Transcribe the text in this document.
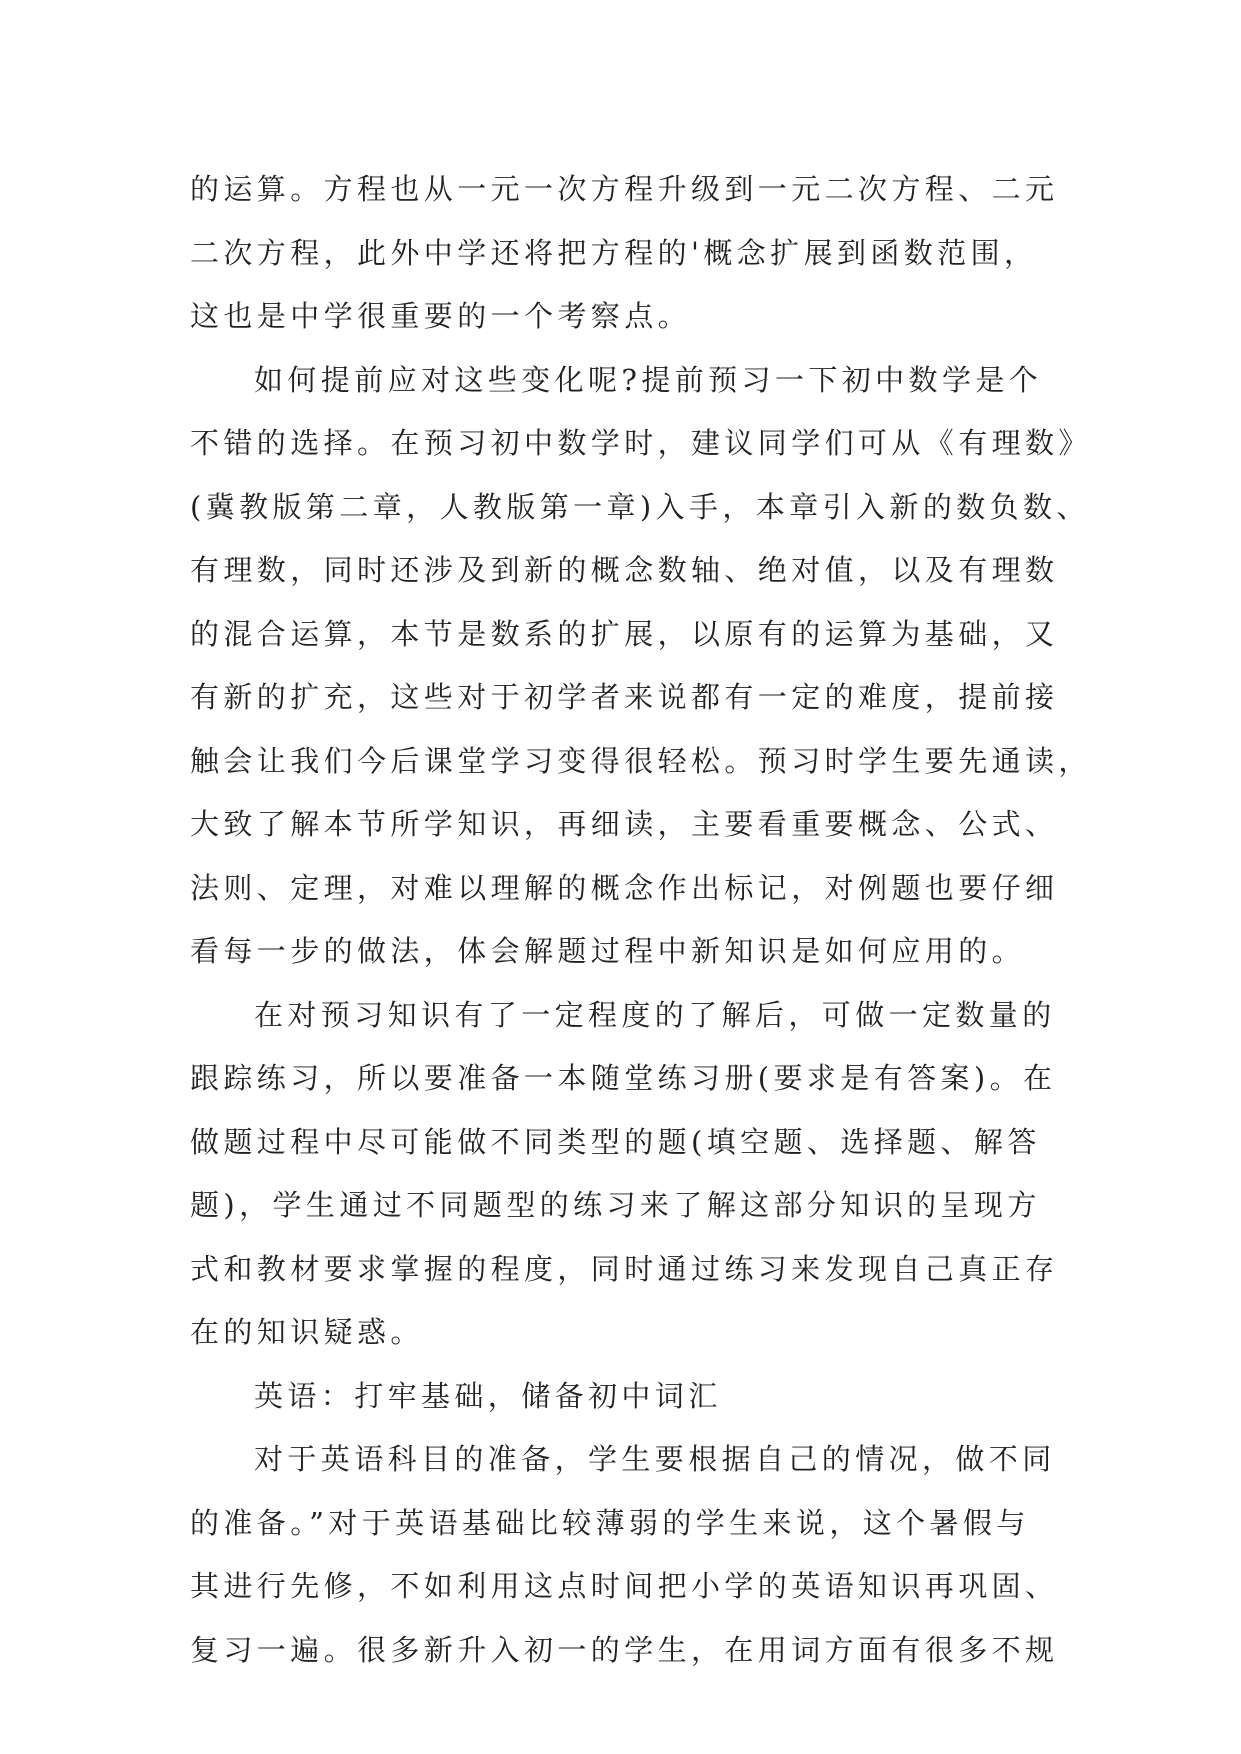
的运算。方程也从一元一次方程升级到一元二次方程、二元
二次方程，此外中学还将把方程的'概念扩展到函数范围，
这也是中学很重要的一个考察点。
如何提前应对这些变化呢?提前预习一下初中数学是个
不错的选择。在预习初中数学时，建议同学们可从《有理数》
(冀教版第二章，人教版第一章)入手，本章引入新的数负数、
有理数，同时还涉及到新的概念数轴、绝对值，以及有理数
的混合运算，本节是数系的扩展，以原有的运算为基础，又
有新的扩充，这些对于初学者来说都有一定的难度，提前接
触会让我们今后课堂学习变得很轻松。预习时学生要先通读，
大致了解本节所学知识，再细读，主要看重要概念、公式、
法则、定理，对难以理解的概念作出标记，对例题也要仔细
看每一步的做法，体会解题过程中新知识是如何应用的。
在对预习知识有了一定程度的了解后，可做一定数量的
跟踪练习，所以要准备一本随堂练习册(要求是有答案)。在
做题过程中尽可能做不同类型的题(填空题、选择题、解答
题)，学生通过不同题型的练习来了解这部分知识的呈现方
式和教材要求掌握的程度，同时通过练习来发现自己真正存
在的知识疑惑。
英语：打牢基础，储备初中词汇
对于英语科目的准备，学生要根据自己的情况，做不同
的准备。”对于英语基础比较薄弱的学生来说，这个暑假与
其进行先修，不如利用这点时间把小学的英语知识再巩固、
复习一遍。很多新升入初一的学生，在用词方面有很多不规
